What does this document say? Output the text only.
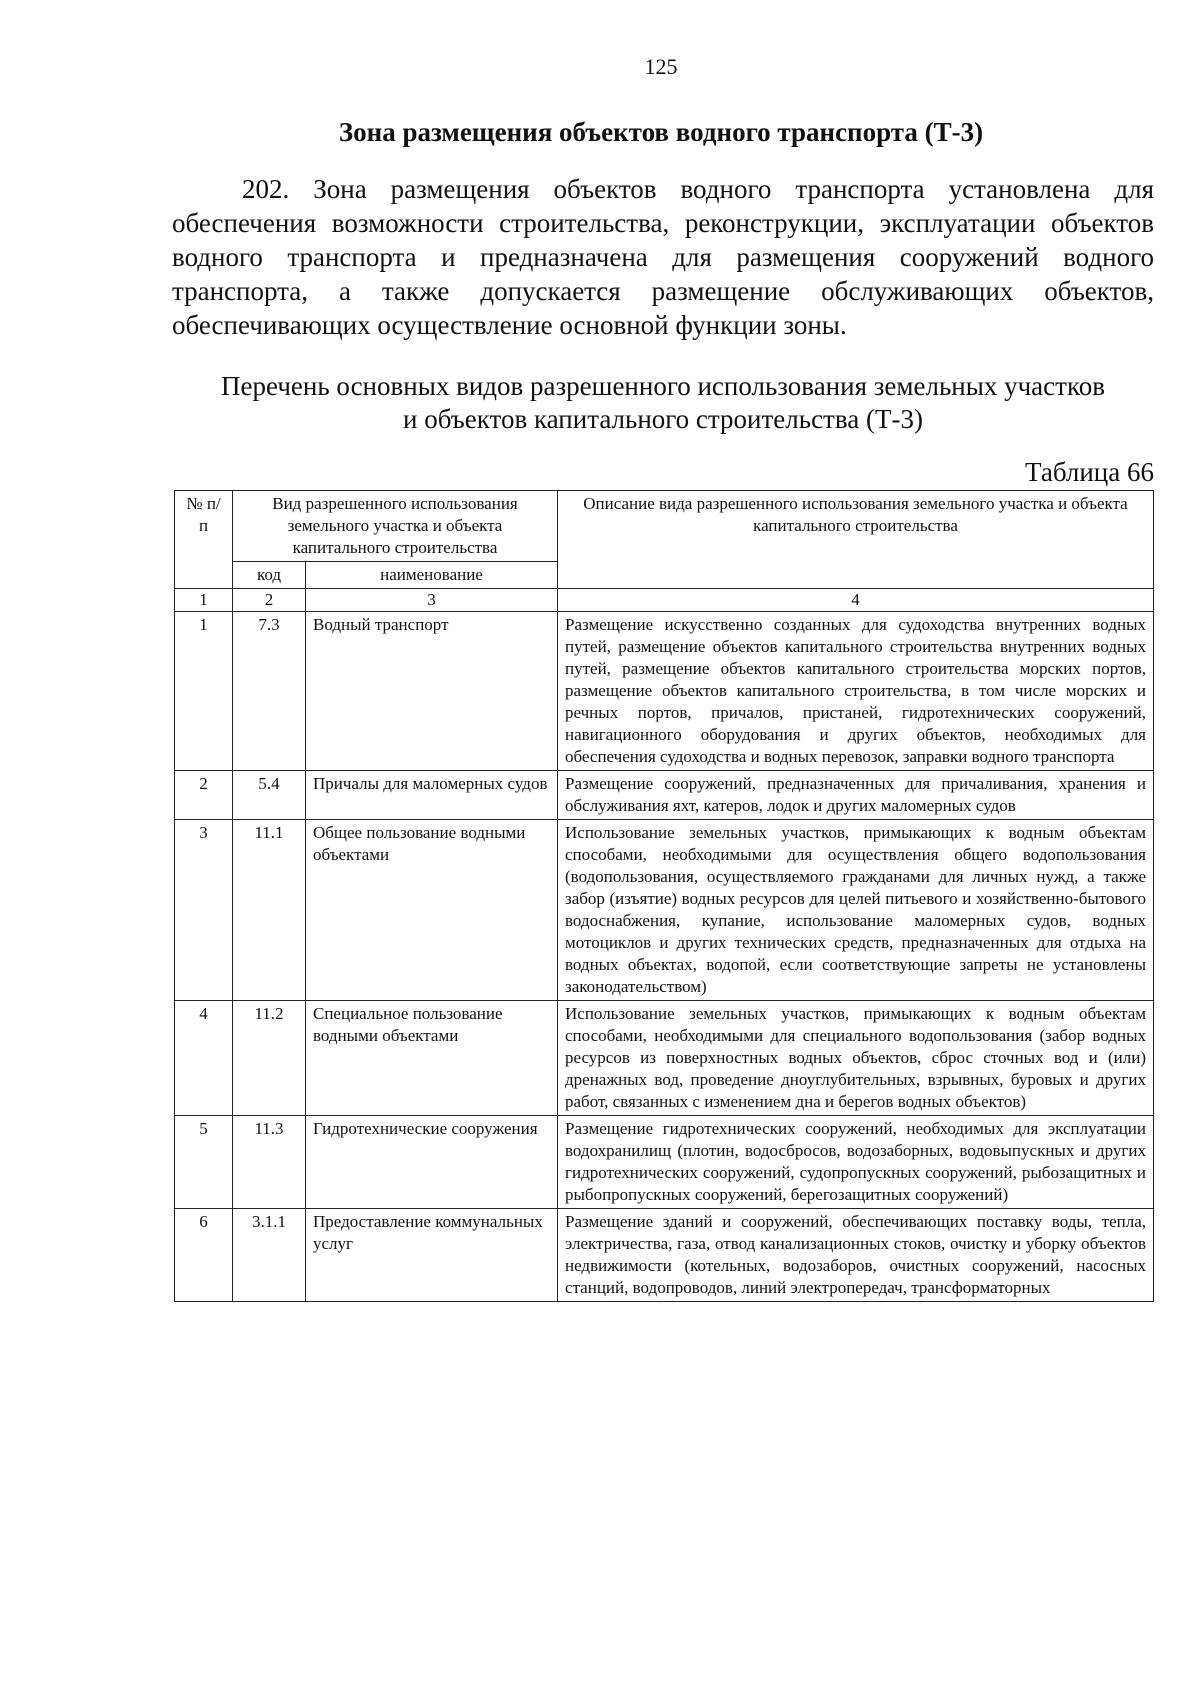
125
Зона размещения объектов водного транспорта (Т-3)
202. Зона размещения объектов водного транспорта установлена для обеспечения возможности строительства, реконструкции, эксплуатации объектов водного транспорта и предназначена для размещения сооружений водного транспорта, а также допускается размещение обслуживающих объектов, обеспечивающих осуществление основной функции зоны.
Перечень основных видов разрешенного использования земельных участков
и объектов капитального строительства (Т-3)
Таблица 66
№ п/п	Вид разрешенного использования земельного участка и объекта капитального строительства		Описание вида разрешенного использования земельного участка и объекта капитального строительства
	код	наименование	
1	2	3	4
1	7.3	Водный транспорт	Размещение искусственно созданных для судоходства внутренних водных путей, размещение объектов капитального строительства внутренних водных путей, размещение объектов капитального строительства морских портов, размещение объектов капитального строительства, в том числе морских и речных портов, причалов, пристаней, гидротехнических сооружений, навигационного оборудования и других объектов, необходимых для обеспечения судоходства и водных перевозок, заправки водного транспорта
2	5.4	Причалы для маломерных судов	Размещение сооружений, предназначенных для причаливания, хранения и обслуживания яхт, катеров, лодок и других маломерных судов
3	11.1	Общее пользование водными объектами	Использование земельных участков, примыкающих к водным объектам способами, необходимыми для осуществления общего водопользования (водопользования, осуществляемого гражданами для личных нужд, а также забор (изъятие) водных ресурсов для целей питьевого и хозяйственно-бытового водоснабжения, купание, использование маломерных судов, водных мотоциклов и других технических средств, предназначенных для отдыха на водных объектах, водопой, если соответствующие запреты не установлены законодательством)
4	11.2	Специальное пользование водными объектами	Использование земельных участков, примыкающих к водным объектам способами, необходимыми для специального водопользования (забор водных ресурсов из поверхностных водных объектов, сброс сточных вод и (или) дренажных вод, проведение дноуглубительных, взрывных, буровых и других работ, связанных с изменением дна и берегов водных объектов)
5	11.3	Гидротехнические сооружения	Размещение гидротехнических сооружений, необходимых для эксплуатации водохранилищ (плотин, водосбросов, водозаборных, водовыпускных и других гидротехнических сооружений, судопропускных сооружений, рыбозащитных и рыбопропускных сооружений, берегозащитных сооружений)
6	3.1.1	Предоставление коммунальных услуг	Размещение зданий и сооружений, обеспечивающих поставку воды, тепла, электричества, газа, отвод канализационных стоков, очистку и уборку объектов недвижимости (котельных, водозаборов, очистных сооружений, насосных станций, водопроводов, линий электропередач, трансформаторных
